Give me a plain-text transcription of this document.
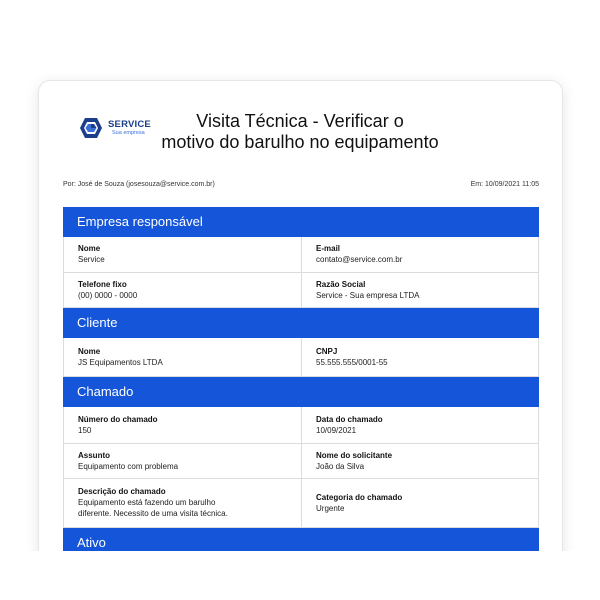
SERVICE
Sua empresa
Visita Técnica - Verificar o
motivo do barulho no equipamento
Por: José de Souza (josesouza@service.com.br)	Em: 10/09/2021 11:05
Empresa responsável
Nome
Service
E-mail
contato@service.com.br
Telefone fixo
(00) 0000 - 0000
Razão Social
Service - Sua empresa LTDA
Cliente
Nome
JS Equipamentos LTDA
CNPJ
55.555.555/0001-55
Chamado
Número do chamado
150
Data do chamado
10/09/2021
Assunto
Equipamento com problema
Nome do solicitante
João da Silva
Descrição do chamado
Equipamento está fazendo um barulho
diferente. Necessito de uma visita técnica.
Categoria do chamado
Urgente
Ativo
